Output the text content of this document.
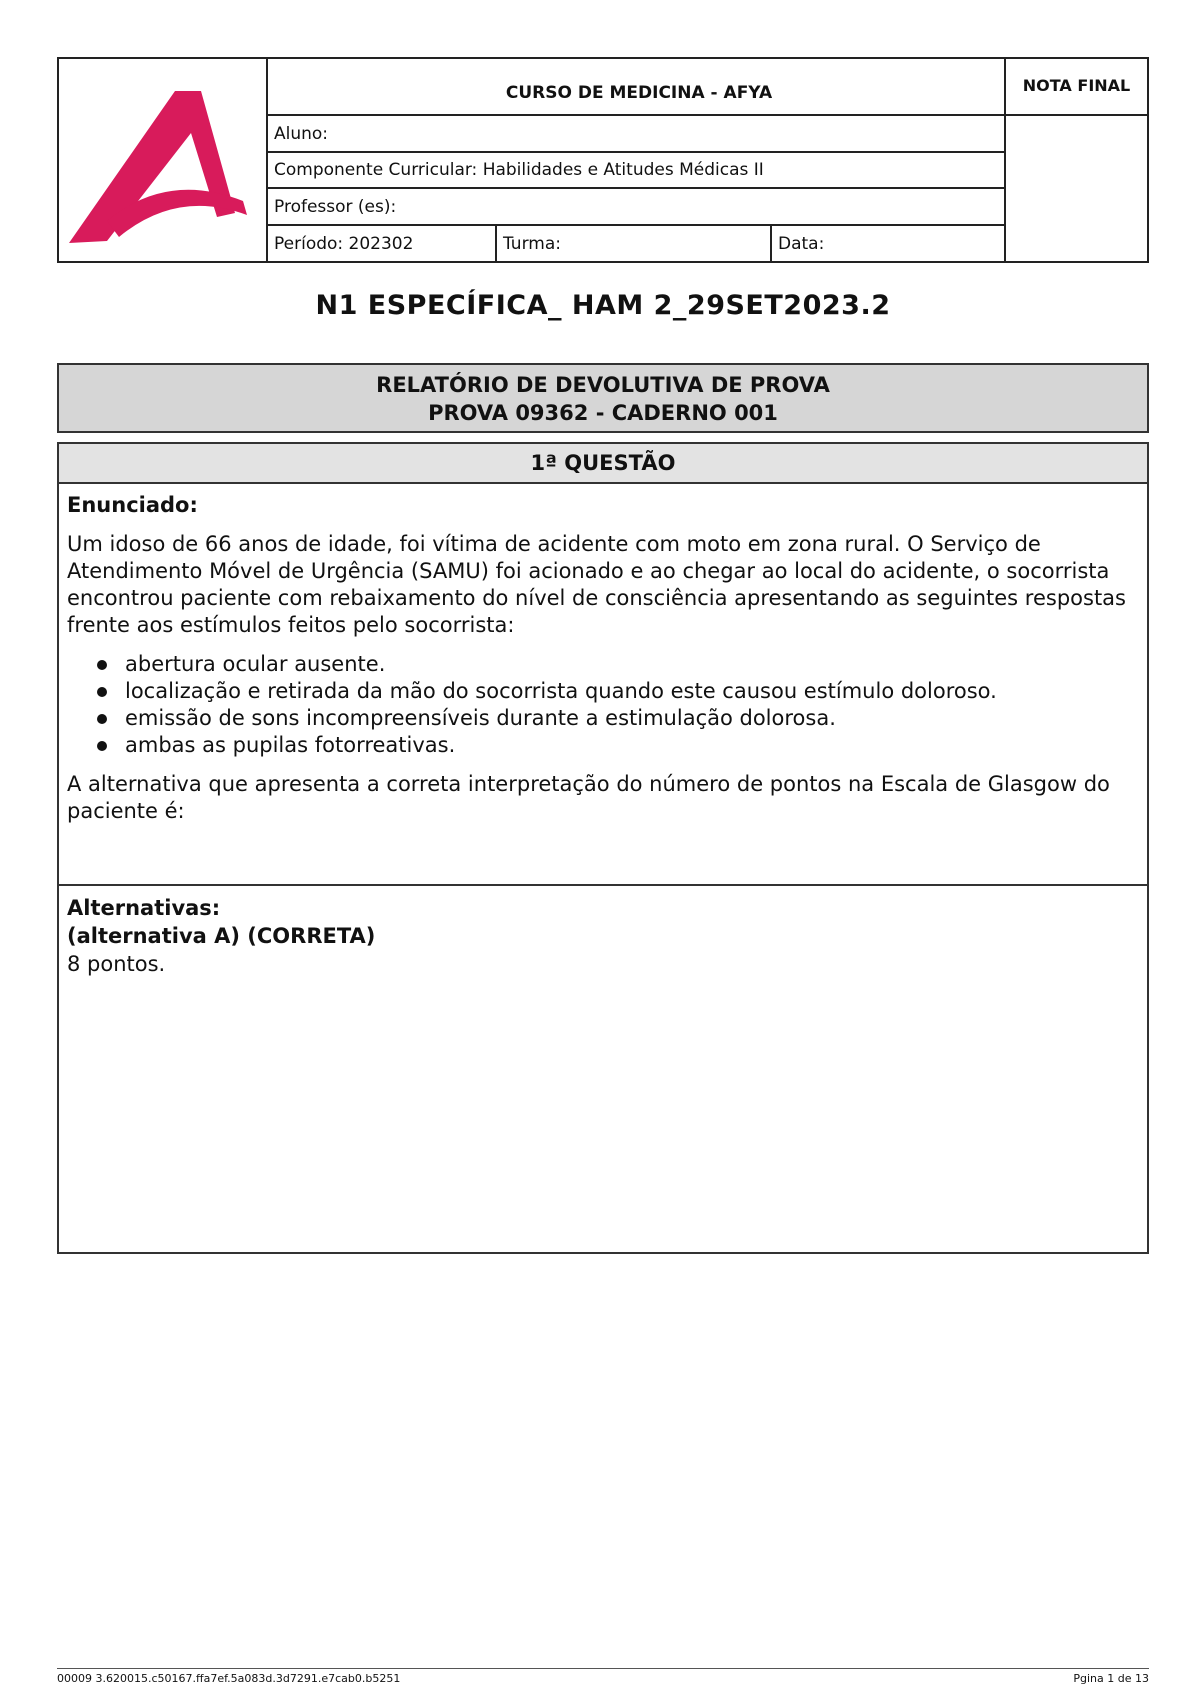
CURSO DE MEDICINA - AFYA
Aluno:
Componente Curricular: Habilidades e Atitudes Médicas II
Professor (es):
Período: 202302	Turma:	Data:
NOTA FINAL
N1 ESPECÍFICA_ HAM 2_29SET2023.2
RELATÓRIO DE DEVOLUTIVA DE PROVA
PROVA 09362 - CADERNO 001
1ª QUESTÃO
Enunciado:

Um idoso de 66 anos de idade, foi vítima de acidente com moto em zona rural. O Serviço de Atendimento Móvel de Urgência (SAMU) foi acionado e ao chegar ao local do acidente, o socorrista encontrou paciente com rebaixamento do nível de consciência apresentando as seguintes respostas frente aos estímulos feitos pelo socorrista:

abertura ocular ausente.
localização e retirada da mão do socorrista quando este causou estímulo doloroso.
emissão de sons incompreensíveis durante a estimulação dolorosa.
ambas as pupilas fotorreativas.

A alternativa que apresenta a correta interpretação do número de pontos na Escala de Glasgow do paciente é:

Alternativas:
(alternativa A) (CORRETA)
8 pontos.
00009 3.620015.c50167.ffa7ef.5a083d.3d7291.e7cab0.b5251	Pgina 1 de 13
